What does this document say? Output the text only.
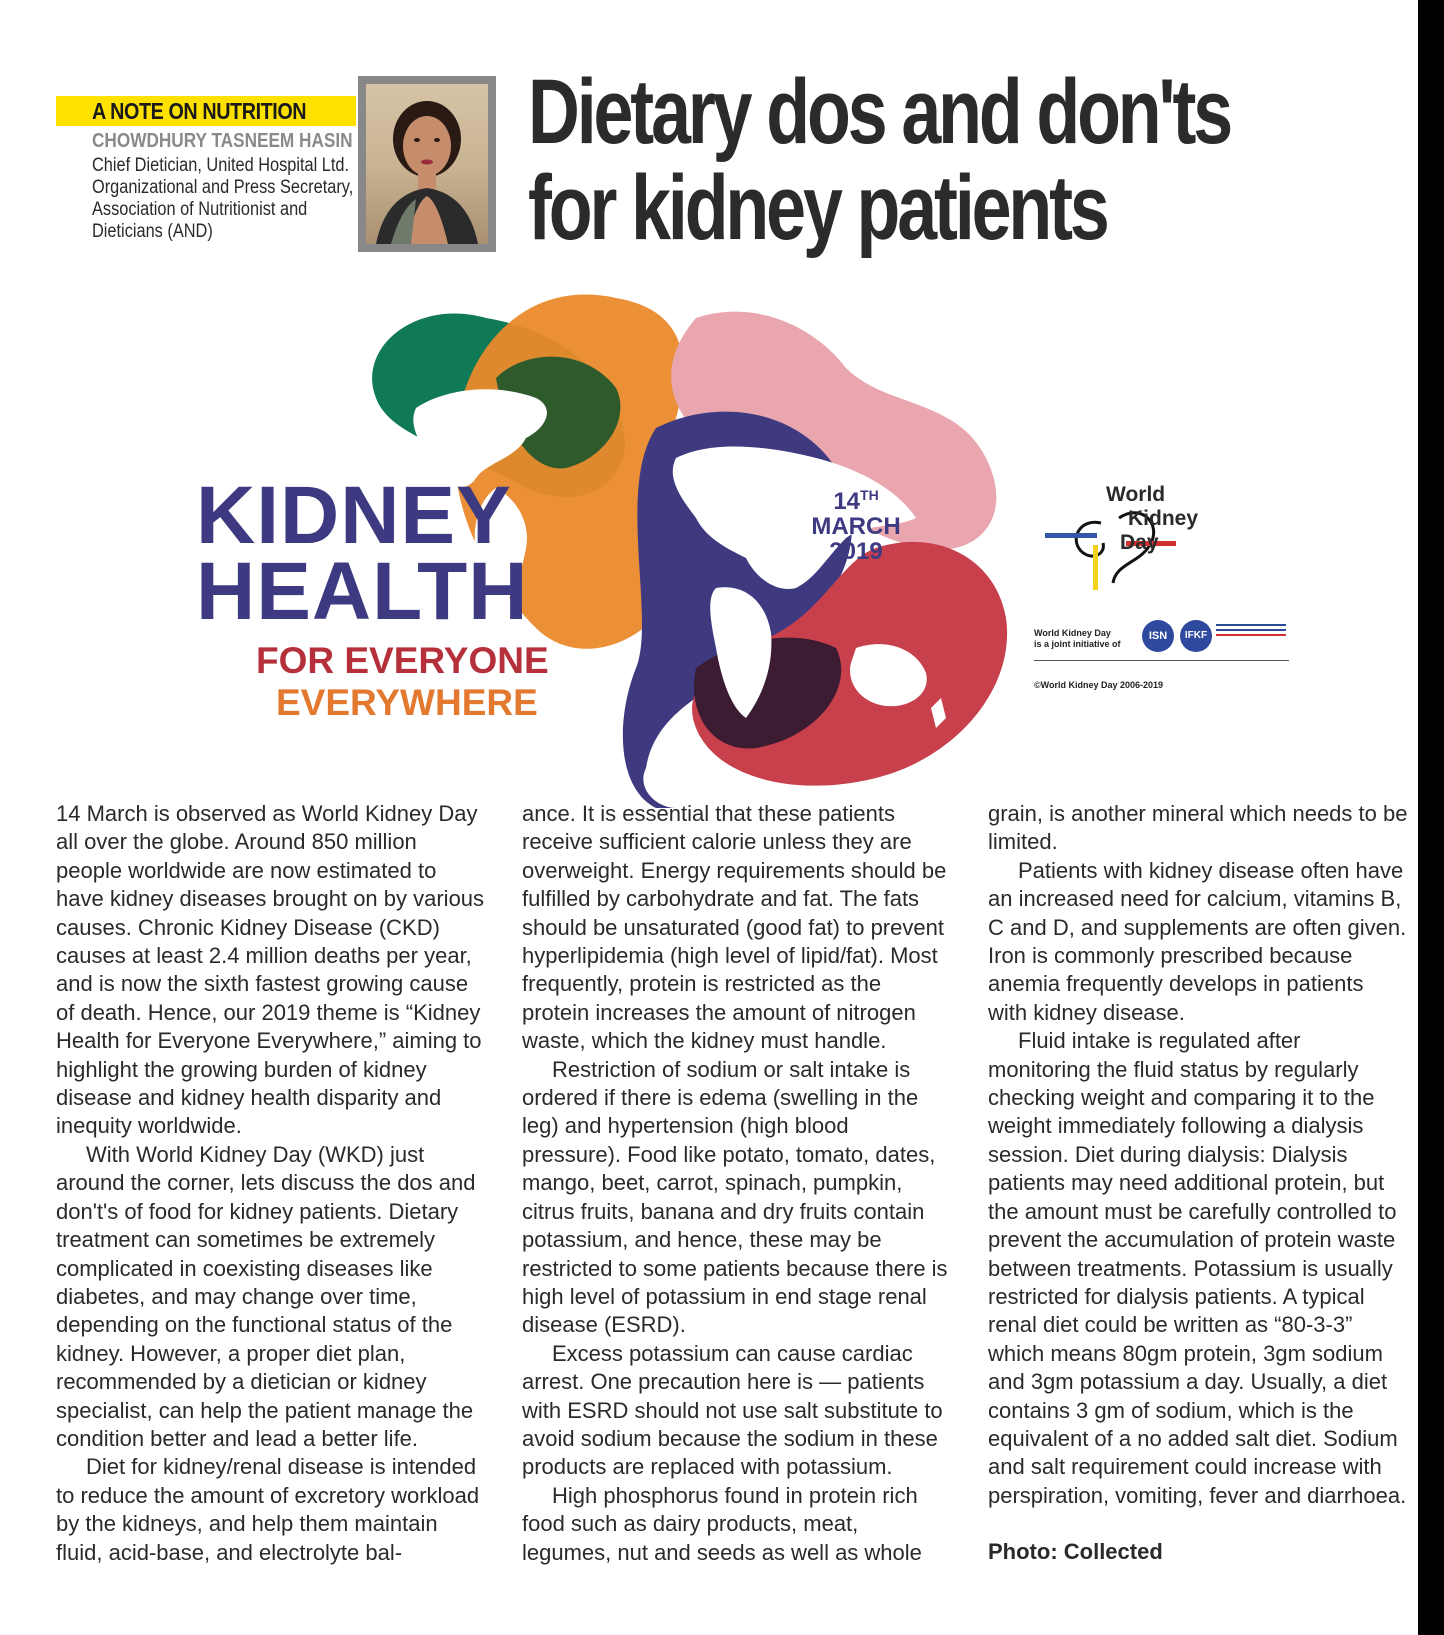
A NOTE ON NUTRITION
CHOWDHURY TASNEEM HASIN
Chief Dietician, United Hospital Ltd.
Organizational and Press Secretary,
Association of Nutritionist and
Dieticians (AND)
Dietary dos and don'ts
for kidney patients
KIDNEY
HEALTH
FOR EVERYONE
EVERYWHERE
14TH
MARCH
2019
World
Kidney
Day
World Kidney Day
is a joint initiative of
ISN	IFKF
©World Kidney Day 2006-2019

14 March is observed as World Kidney Day all over the globe. Around 850 million people worldwide are now estimated to have kidney diseases brought on by various causes. Chronic Kidney Disease (CKD) causes at least 2.4 million deaths per year, and is now the sixth fastest growing cause of death. Hence, our 2019 theme is “Kidney Health for Everyone Everywhere,” aiming to highlight the growing burden of kidney disease and kidney health disparity and inequity worldwide.

With World Kidney Day (WKD) just around the corner, lets discuss the dos and don't's of food for kidney patients. Dietary treatment can sometimes be extremely complicated in coexisting diseases like diabetes, and may change over time, depending on the functional status of the kidney. However, a proper diet plan, recommended by a dietician or kidney specialist, can help the patient manage the condition better and lead a better life.

Diet for kidney/renal disease is intended to reduce the amount of excretory workload by the kidneys, and help them maintain fluid, acid-base, and electrolyte bal-

ance. It is essential that these patients receive sufficient calorie unless they are overweight. Energy requirements should be fulfilled by carbohydrate and fat. The fats should be unsaturated (good fat) to prevent hyperlipidemia (high level of lipid/fat). Most frequently, protein is restricted as the protein increases the amount of nitrogen waste, which the kidney must handle.

Restriction of sodium or salt intake is ordered if there is edema (swelling in the leg) and hypertension (high blood pressure). Food like potato, tomato, dates, mango, beet, carrot, spinach, pumpkin, citrus fruits, banana and dry fruits contain potassium, and hence, these may be restricted to some patients because there is high level of potassium in end stage renal disease (ESRD).

Excess potassium can cause cardiac arrest. One precaution here is — patients with ESRD should not use salt substitute to avoid sodium because the sodium in these products are replaced with potassium.

High phosphorus found in protein rich food such as dairy products, meat, legumes, nut and seeds as well as whole

grain, is another mineral which needs to be limited.

Patients with kidney disease often have an increased need for calcium, vitamins B, C and D, and supplements are often given. Iron is commonly prescribed because anemia frequently develops in patients with kidney disease.

Fluid intake is regulated after monitoring the fluid status by regularly checking weight and comparing it to the weight immediately following a dialysis session. Diet during dialysis: Dialysis patients may need additional protein, but the amount must be carefully controlled to prevent the accumulation of protein waste between treatments. Potassium is usually restricted for dialysis patients. A typical renal diet could be written as “80-3-3” which means 80gm protein, 3gm sodium and 3gm potassium a day. Usually, a diet contains 3 gm of sodium, which is the equivalent of a no added salt diet. Sodium and salt requirement could increase with perspiration, vomiting, fever and diarrhoea.

Photo: Collected
